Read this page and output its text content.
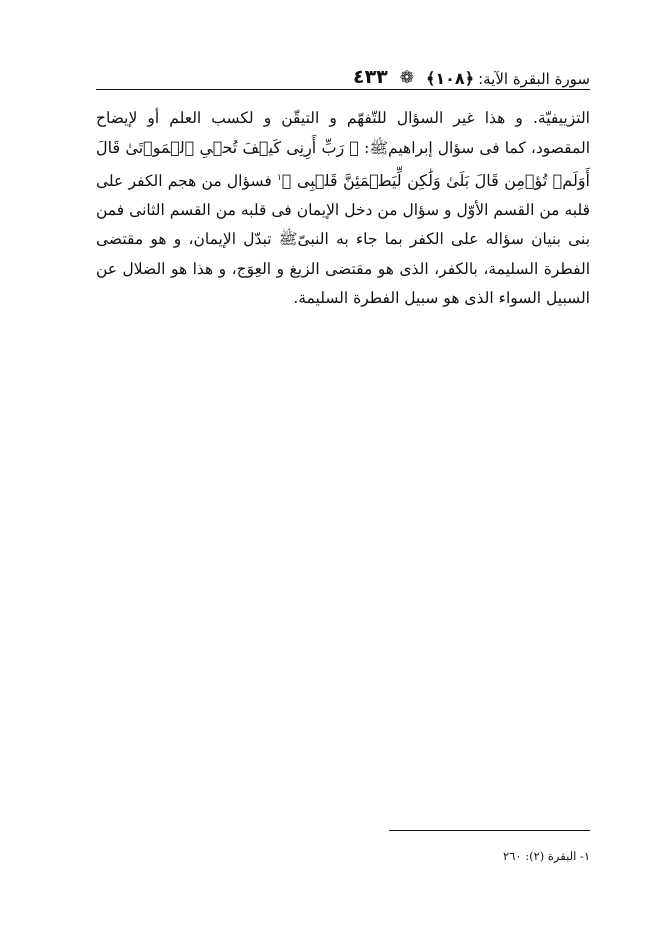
سورة البقرة الآية:
﴿١٠٨﴾
❁
٤٣٣

التزييفيّة. و هذا غير السؤال للتّفهّم و التيقّن و لكسب العلم أو لإيضاح المقصود، كما فى سؤال إبراهيمﷺ: ﴿ رَبِّ أَرِنِى كَيۡفَ تُحۡىِ ٱلۡمَوۡتَىٰ قَالَ أَوَلَمۡ تُؤۡمِن قَالَ بَلَىٰ وَلَٰكِن لِّيَطۡمَئِنَّ قَلۡبِى ﴾$^١$ فسؤال من هجم الكفر على قلبه من القسم الأوّل و سؤال من دخل الإيمان فى قلبه من القسم الثانى فمن بنى بنيان سؤاله على الكفر بما جاء به النبىّﷺ تبدّل الإيمان، و هو مقتضى الفطرة السليمة، بالكفر، الذى هو مقتضى الزيغ و العِوَج، و هذا هو الضلال عن السبيل السواء الذى هو سبيل الفطرة السليمة.

١- البقرة (٢): ٢٦٠
